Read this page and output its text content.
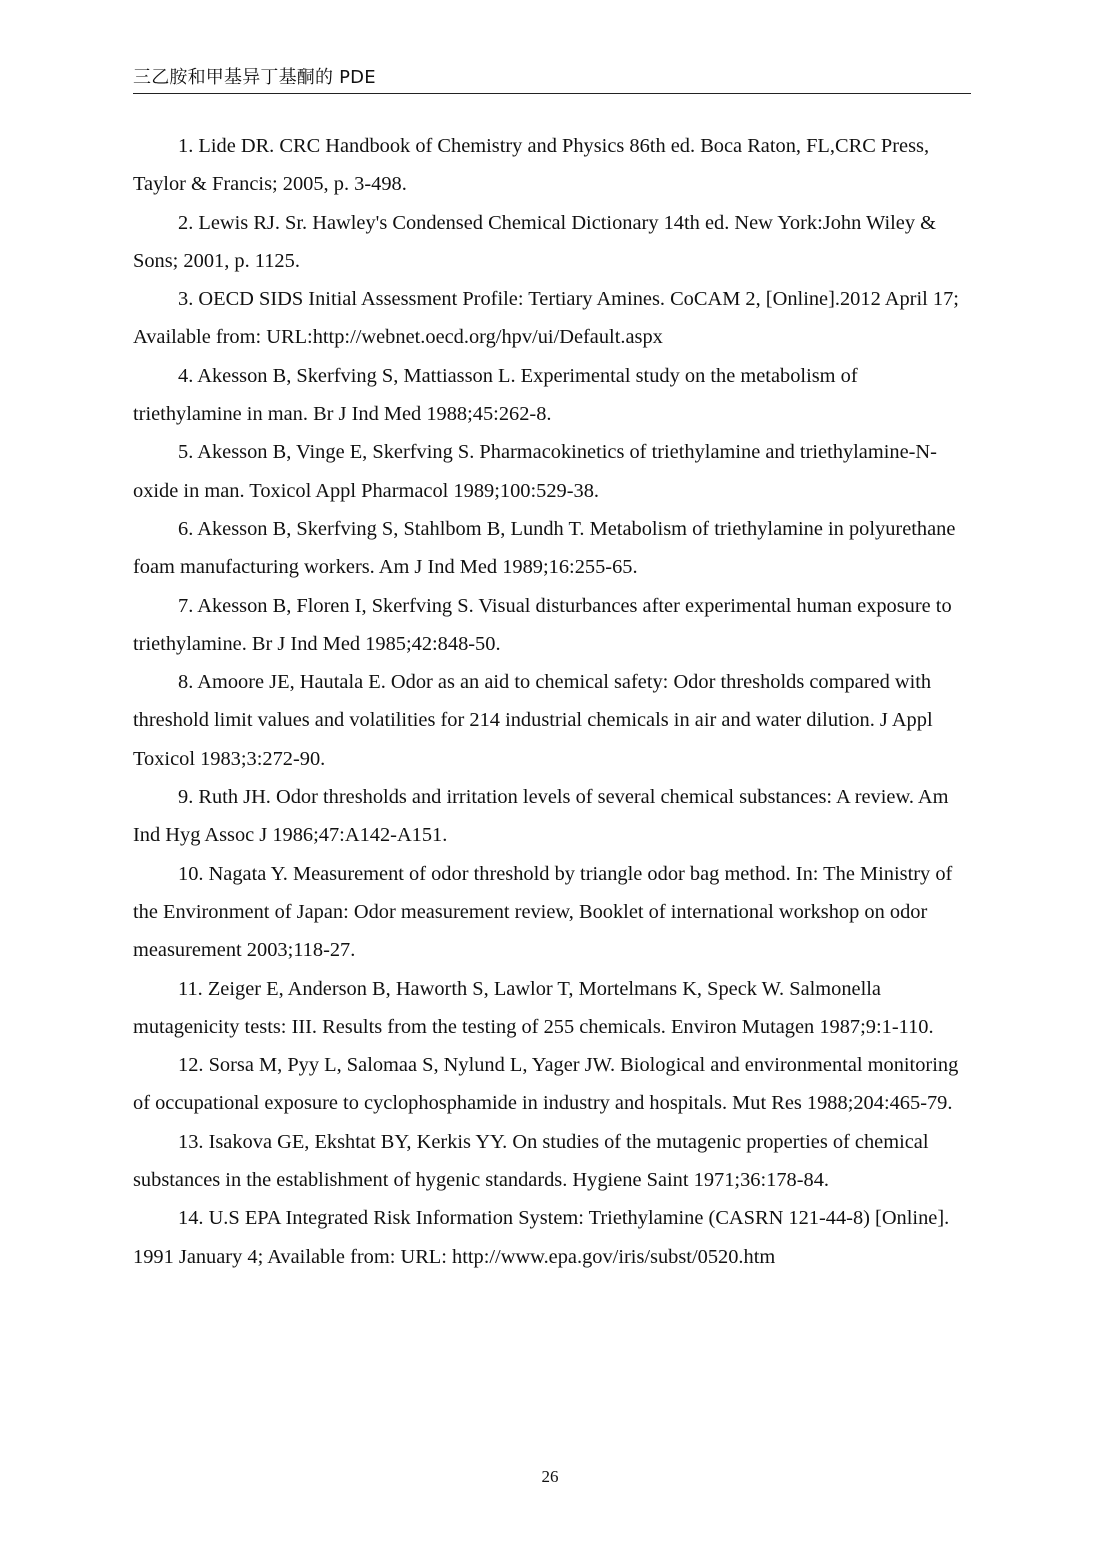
三乙胺和甲基异丁基酮的 PDE
1. Lide DR. CRC Handbook of Chemistry and Physics 86th ed. Boca Raton, FL,CRC Press, Taylor & Francis; 2005, p. 3-498.
2. Lewis RJ. Sr. Hawley's Condensed Chemical Dictionary 14th ed. New York:John Wiley & Sons; 2001, p. 1125.
3. OECD SIDS Initial Assessment Profile: Tertiary Amines. CoCAM 2, [Online].2012 April 17; Available from: URL:http://webnet.oecd.org/hpv/ui/Default.aspx
4. Akesson B, Skerfving S, Mattiasson L. Experimental study on the metabolism of triethylamine in man. Br J Ind Med 1988;45:262-8.
5. Akesson B, Vinge E, Skerfving S. Pharmacokinetics of triethylamine and triethylamine-N-oxide in man. Toxicol Appl Pharmacol 1989;100:529-38.
6. Akesson B, Skerfving S, Stahlbom B, Lundh T. Metabolism of triethylamine in polyurethane foam manufacturing workers. Am J Ind Med 1989;16:255-65.
7. Akesson B, Floren I, Skerfving S. Visual disturbances after experimental human exposure to triethylamine. Br J Ind Med 1985;42:848-50.
8. Amoore JE, Hautala E. Odor as an aid to chemical safety: Odor thresholds compared with threshold limit values and volatilities for 214 industrial chemicals in air and water dilution. J Appl Toxicol 1983;3:272-90.
9. Ruth JH. Odor thresholds and irritation levels of several chemical substances: A review. Am Ind Hyg Assoc J 1986;47:A142-A151.
10. Nagata Y. Measurement of odor threshold by triangle odor bag method. In: The Ministry of the Environment of Japan: Odor measurement review, Booklet of international workshop on odor measurement 2003;118-27.
11. Zeiger E, Anderson B, Haworth S, Lawlor T, Mortelmans K, Speck W. Salmonella mutagenicity tests: III. Results from the testing of 255 chemicals. Environ Mutagen 1987;9:1-110.
12. Sorsa M, Pyy L, Salomaa S, Nylund L, Yager JW. Biological and environmental monitoring of occupational exposure to cyclophosphamide in industry and hospitals. Mut Res 1988;204:465-79.
13. Isakova GE, Ekshtat BY, Kerkis YY. On studies of the mutagenic properties of chemical substances in the establishment of hygenic standards. Hygiene Saint 1971;36:178-84.
14. U.S EPA Integrated Risk Information System: Triethylamine (CASRN 121-44-8) [Online]. 1991 January 4; Available from: URL: http://www.epa.gov/iris/subst/0520.htm
26
